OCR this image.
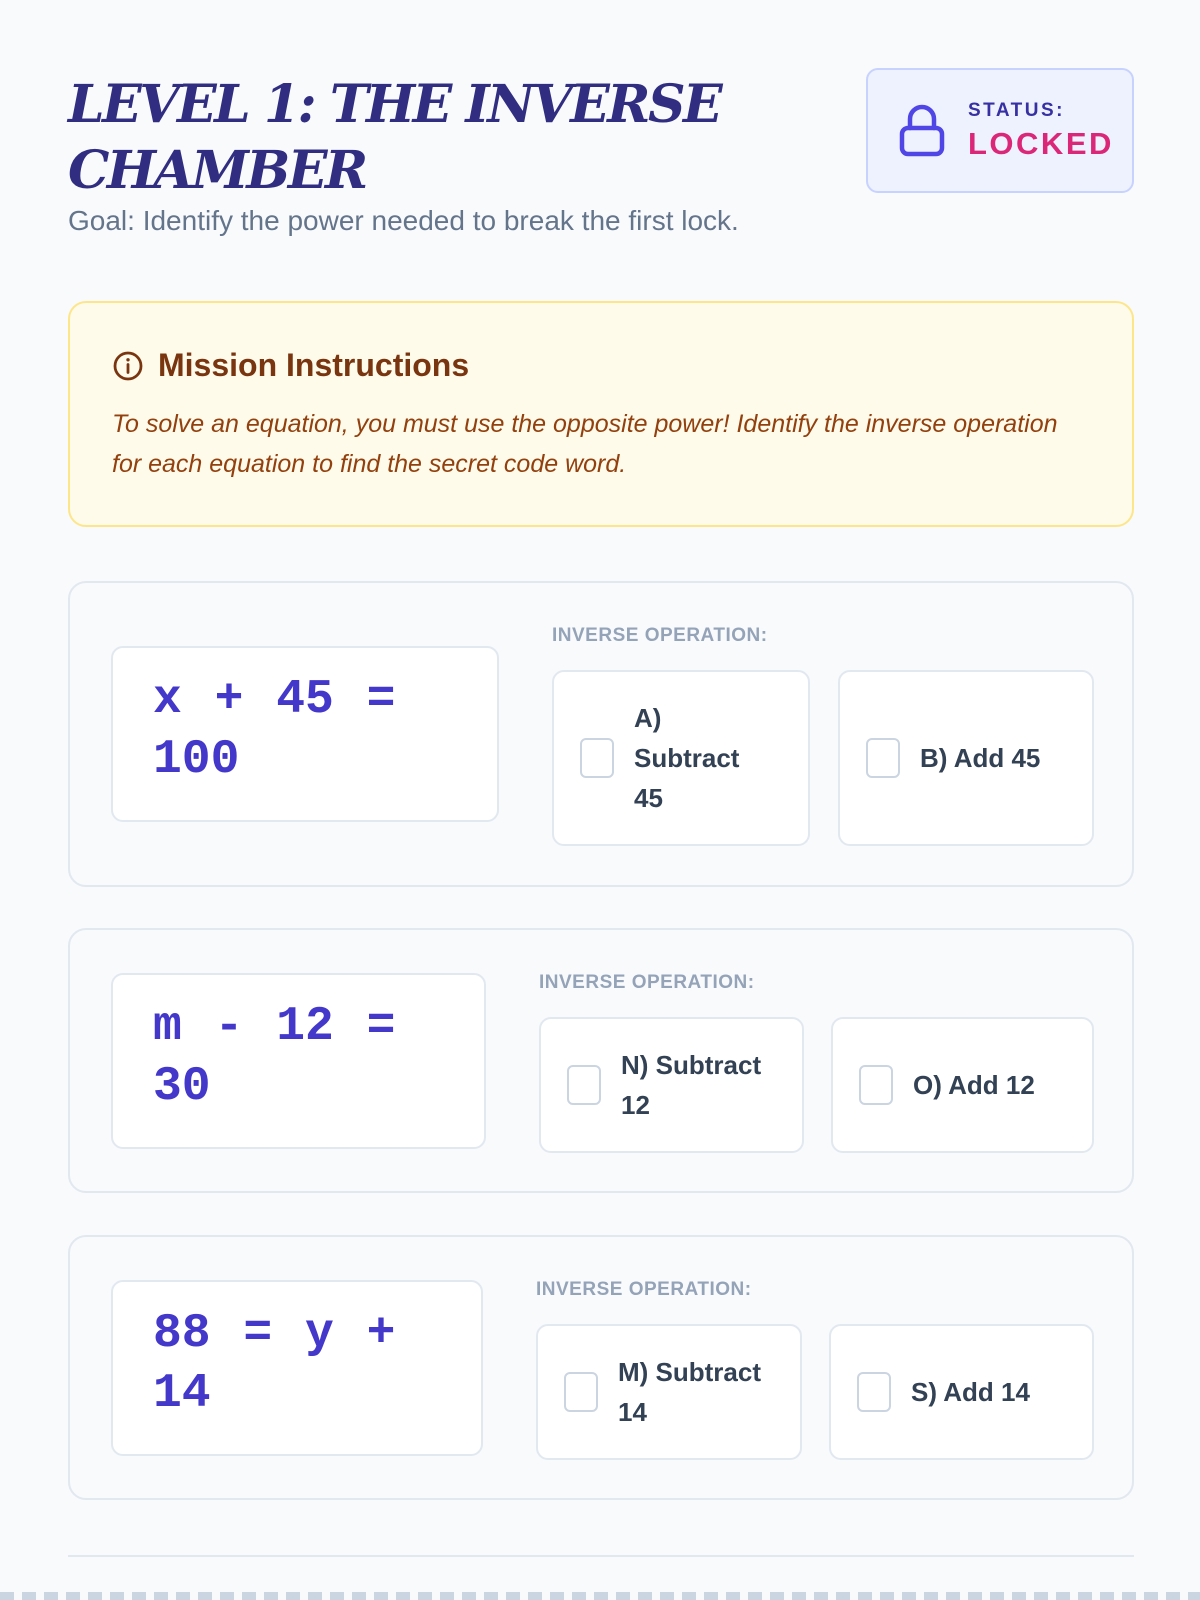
LEVEL 1: THE INVERSE CHAMBER

Goal: Identify the power needed to break the first lock.

STATUS:
LOCKED
Mission Instructions

To solve an equation, you must use the opposite power! Identify the inverse operation for each equation to find the secret code word.

x + 45 = 100
INVERSE OPERATION:
A) Subtract 45
B) Add 45
m - 12 = 30
INVERSE OPERATION:
N) Subtract 12
O) Add 12
88 = y + 14
INVERSE OPERATION:
M) Subtract 14
S) Add 14
